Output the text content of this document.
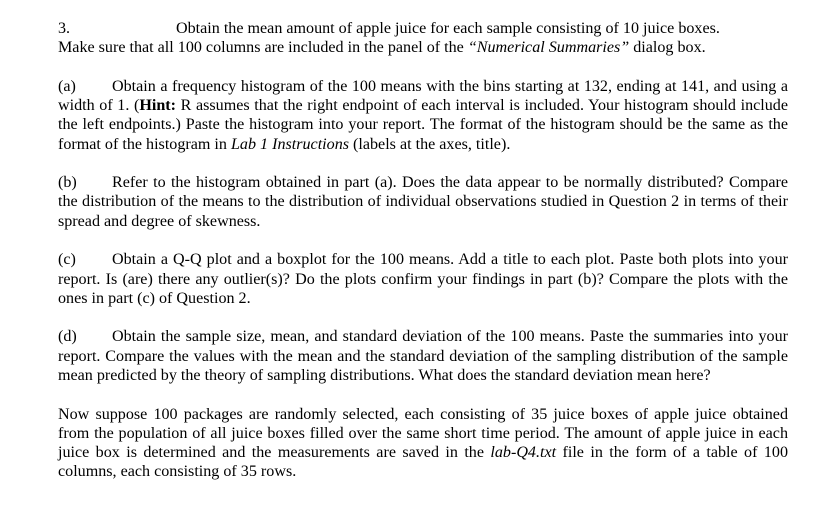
3.	Obtain the mean amount of apple juice for each sample consisting of 10 juice boxes.
Make sure that all 100 columns are included in the panel of the “Numerical Summaries” dialog box.

(a) Obtain a frequency histogram of the 100 means with the bins starting at 132, ending at 141, and using a width of 1. (Hint: R assumes that the right endpoint of each interval is included. Your histogram should include the left endpoints.) Paste the histogram into your report. The format of the histogram should be the same as the format of the histogram in Lab 1 Instructions (labels at the axes, title).

(b) Refer to the histogram obtained in part (a). Does the data appear to be normally distributed? Compare the distribution of the means to the distribution of individual observations studied in Question 2 in terms of their spread and degree of skewness.

(c) Obtain a Q-Q plot and a boxplot for the 100 means. Add a title to each plot. Paste both plots into your report. Is (are) there any outlier(s)? Do the plots confirm your findings in part (b)? Compare the plots with the ones in part (c) of Question 2.

(d) Obtain the sample size, mean, and standard deviation of the 100 means. Paste the summaries into your report. Compare the values with the mean and the standard deviation of the sampling distribution of the sample mean predicted by the theory of sampling distributions. What does the standard deviation mean here?

Now suppose 100 packages are randomly selected, each consisting of 35 juice boxes of apple juice obtained from the population of all juice boxes filled over the same short time period. The amount of apple juice in each juice box is determined and the measurements are saved in the lab-Q4.txt file in the form of a table of 100 columns, each consisting of 35 rows.
